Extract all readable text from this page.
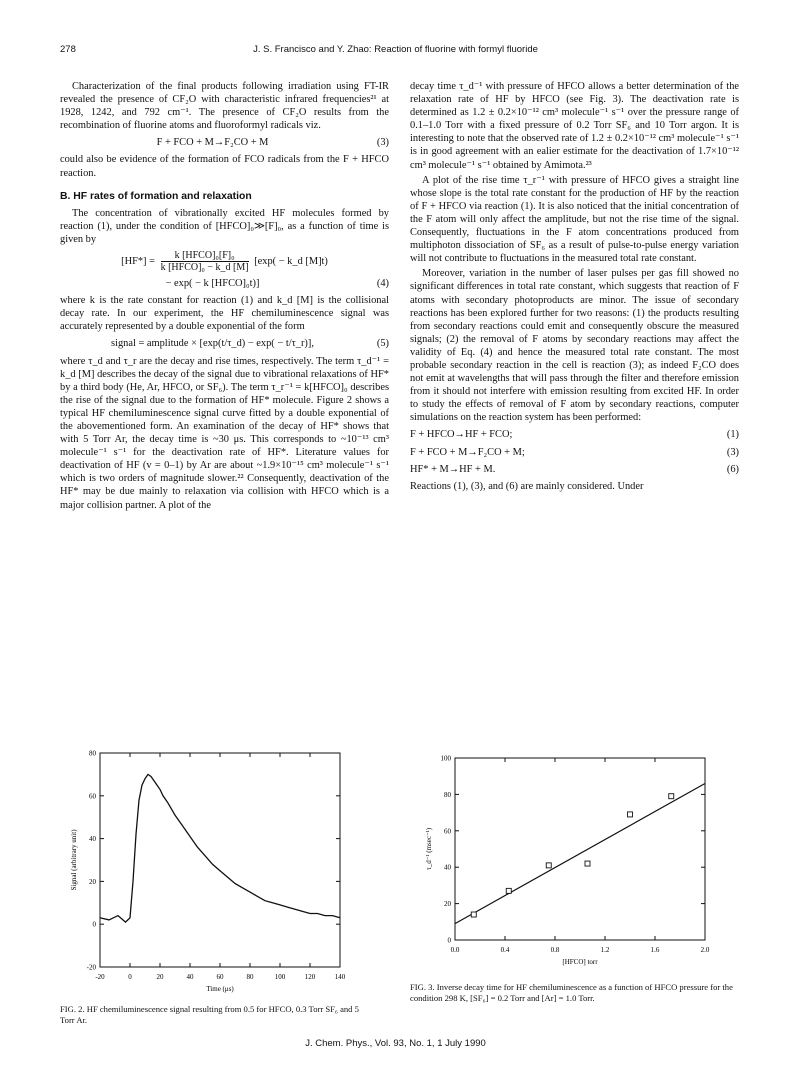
278	J. S. Francisco and Y. Zhao: Reaction of fluorine with formyl fluoride

Characterization of the final products following irradiation using FT-IR revealed the presence of CF₂O with characteristic infrared frequencies²¹ at 1928, 1242, and 792 cm⁻¹. The presence of CF₂O results from the recombination of fluorine atoms and fluoroformyl radicals viz.

F + FCO + M→F₂CO + M	(3)

could also be evidence of the formation of FCO radicals from the F + HFCO reaction.

B. HF rates of formation and relaxation

The concentration of vibrationally excited HF molecules formed by reaction (1), under the condition of [HFCO]₀≫[F]₀, as a function of time is given by

$[HF*] = \frac{\text{k [HFCO]₀[F]₀}}{\text{k [HFCO]₀ − k\_d [M]}} [\exp$( − k_d [M]t)
− exp( − k [HFCO]₀t)]	(4)

where k is the rate constant for reaction (1) and k_d [M] is the collisional decay rate. In our experiment, the HF chemiluminescence signal was accurately represented by a double exponential of the form

signal = amplitude × [exp(t/τ_d) − exp( − t/τ_r)],	(5)

where τ_d and τ_r are the decay and rise times, respectively. The term τ_d⁻¹ = k_d [M] describes the decay of the signal due to vibrational relaxations of HF* by a third body (He, Ar, HFCO, or SF₆). The term τ_r⁻¹ = k[HFCO]₀ describes the rise of the signal due to the formation of HF* molecule. Figure 2 shows a typical HF chemiluminescence signal curve fitted by a double exponential of the abovementioned form. An examination of the decay of HF* shows that with 5 Torr Ar, the decay time is ~30 μs. This corresponds to ~10⁻¹³ cm³ molecule⁻¹ s⁻¹ for the deactivation rate of HF*. Literature values for deactivation of HF (v = 0–1) by Ar are about ~1.9×10⁻¹⁵ cm³ molecule⁻¹ s⁻¹ which is two orders of magnitude slower.²² Consequently, deactivation of the HF* may be due mainly to relaxation via collision with HFCO which is a major collision partner. A plot of the

decay time τ_d⁻¹ with pressure of HFCO allows a better determination of the relaxation rate of HF by HFCO (see Fig. 3). The deactivation rate is determined as 1.2 ± 0.2×10⁻¹² cm³ molecule⁻¹ s⁻¹ over the pressure range of 0.1–1.0 Torr with a fixed pressure of 0.2 Torr SF₆ and 10 Torr argon. It is interesting to note that the observed rate of 1.2 ± 0.2×10⁻¹² cm³ molecule⁻¹ s⁻¹ is in good agreement with an ealier estimate for the deactivation of 1.7×10⁻¹² cm³ molecule⁻¹ s⁻¹ obtained by Amimota.²³

A plot of the rise time τ_r⁻¹ with pressure of HFCO gives a straight line whose slope is the total rate constant for the production of HF by the reaction of F + HFCO via reaction (1). It is also noticed that the initial concentration of the F atom will only affect the amplitude, but not the rise time of the signal. Consequently, fluctuations in the F atom concentrations produced from multiphoton dissociation of SF₆ as a result of pulse-to-pulse energy variation will not contribute to fluctuations in the measured total rate constant.

Moreover, variation in the number of laser pulses per gas fill showed no significant differences in total rate constant, which suggests that reaction of F atoms with secondary photoproducts are minor. The issue of secondary reactions has been explored further for two reasons: (1) the products resulting from secondary reactions could emit and consequently obscure the measured signals; (2) the removal of F atoms by secondary reactions may affect the validity of Eq. (4) and hence the measured total rate constant. The most probable secondary reaction in the cell is reaction (3); as indeed F₂CO does not emit at wavelengths that will pass through the filter and therefore emission from it should not interfere with emission resulting from excited HF. In order to study the effects of removal of F atom by secondary reactions, computer simulations on the reaction system has been performed:

F + HFCO→HF + FCO;	(1)
F + FCO + M→F₂CO + M;	(3)
HF* + M→HF + M.	(6)

Reactions (1), (3), and (6) are mainly considered. Under

-20	0	20	40	60	80	100	120	140
-20
0
20
40
60
80
Time (μs)
Signal (arbitrary unit)
FIG. 2. HF chemiluminescence signal resulting from 0.5 for HFCO, 0.3 Torr SF₆ and 5 Torr Ar.
0.0	0.4	0.8	1.2	1.6	2.0
0
20
40
60
80
100
[HFCO] torr
τ_d⁻¹ (msec⁻¹)
FIG. 3. Inverse decay time for HF chemiluminescence as a function of HFCO pressure for the condition 298 K, [SF₆] = 0.2 Torr and [Ar] = 1.0 Torr.
J. Chem. Phys., Vol. 93, No. 1, 1 July 1990
